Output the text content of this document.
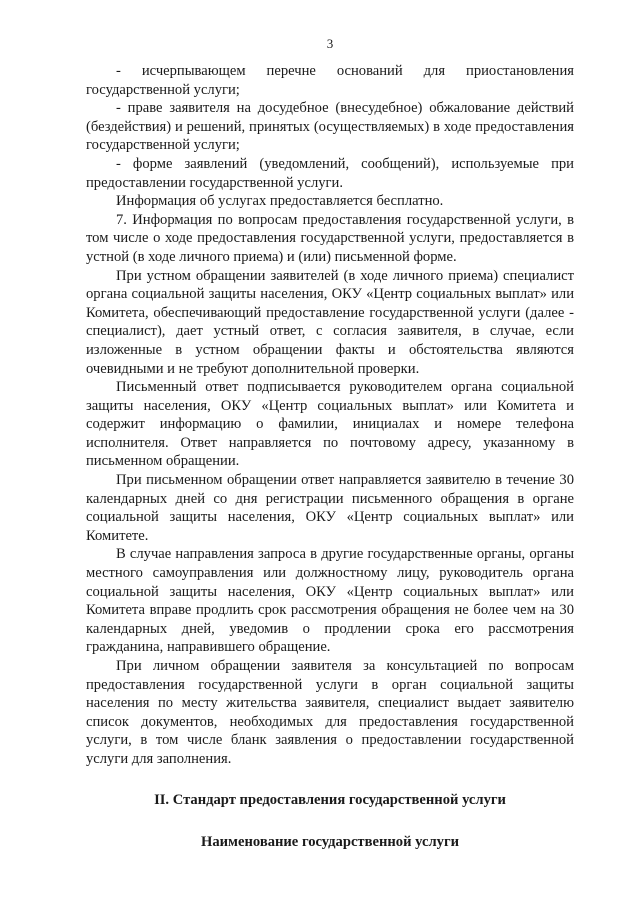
3

- исчерпывающем перечне оснований для приостановления государственной услуги;

- праве заявителя на досудебное (внесудебное) обжалование действий (бездействия) и решений, принятых (осуществляемых) в ходе предоставления государственной услуги;

- форме заявлений (уведомлений, сообщений), используемые при предоставлении государственной услуги.

Информация об услугах предоставляется бесплатно.

7. Информация по вопросам предоставления государственной услуги, в том числе о ходе предоставления государственной услуги, предоставляется в устной (в ходе личного приема) и (или) письменной форме.

При устном обращении заявителей (в ходе личного приема) специалист органа социальной защиты населения, ОКУ «Центр социальных выплат» или Комитета, обеспечивающий предоставление государственной услуги (далее - специалист), дает устный ответ, с согласия заявителя, в случае, если изложенные в устном обращении факты и обстоятельства являются очевидными и не требуют дополнительной проверки.

Письменный ответ подписывается руководителем органа социальной защиты населения, ОКУ «Центр социальных выплат» или Комитета и содержит информацию о фамилии, инициалах и номере телефона исполнителя. Ответ направляется по почтовому адресу, указанному в письменном обращении.

При письменном обращении ответ направляется заявителю в течение 30 календарных дней со дня регистрации письменного обращения в органе социальной защиты населения, ОКУ «Центр социальных выплат» или Комитете.

В случае направления запроса в другие государственные органы, органы местного самоуправления или должностному лицу, руководитель органа социальной защиты населения, ОКУ «Центр социальных выплат» или Комитета вправе продлить срок рассмотрения обращения не более чем на 30 календарных дней, уведомив о продлении срока его рассмотрения гражданина, направившего обращение.

При личном обращении заявителя за консультацией по вопросам предоставления государственной услуги в орган социальной защиты населения по месту жительства заявителя, специалист выдает заявителю список документов, необходимых для предоставления государственной услуги, в том числе бланк заявления о предоставлении государственной услуги для заполнения.

II. Стандарт предоставления государственной услуги
Наименование государственной услуги
